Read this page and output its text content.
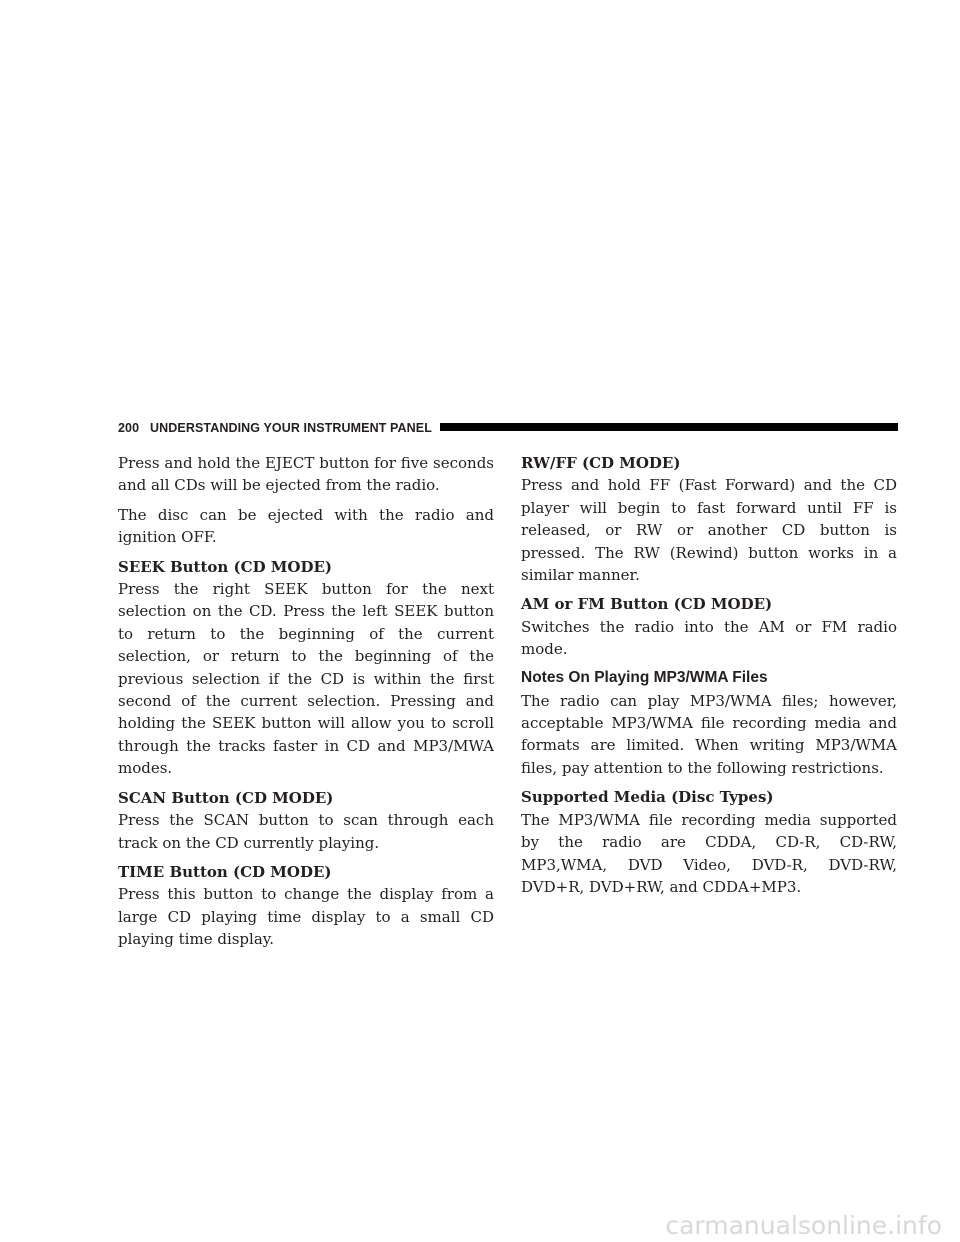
200 UNDERSTANDING YOUR INSTRUMENT PANEL

Press and hold the EJECT button for five seconds and all CDs will be ejected from the radio.

The disc can be ejected with the radio and ignition OFF.

SEEK Button (CD MODE)

Press the right SEEK button for the next selection on the CD. Press the left SEEK button to return to the beginning of the current selection, or return to the beginning of the previous selection if the CD is within the first second of the current selection. Pressing and holding the SEEK button will allow you to scroll through the tracks faster in CD and MP3/MWA modes.

SCAN Button (CD MODE)

Press the SCAN button to scan through each track on the CD currently playing.

TIME Button (CD MODE)

Press this button to change the display from a large CD playing time display to a small CD playing time display.

RW/FF (CD MODE)

Press and hold FF (Fast Forward) and the CD player will begin to fast forward until FF is released, or RW or another CD button is pressed. The RW (Rewind) button works in a similar manner.

AM or FM Button (CD MODE)

Switches the radio into the AM or FM radio mode.

Notes On Playing MP3/WMA Files

The radio can play MP3/WMA files; however, acceptable MP3/WMA file recording media and formats are limited. When writing MP3/WMA files, pay attention to the following restrictions.

Supported Media (Disc Types)

The MP3/WMA file recording media supported by the radio are CDDA, CD-R, CD-RW, MP3,WMA, DVD Video, DVD-R, DVD-RW, DVD+R, DVD+RW, and CDDA+MP3.

carmanualsonline.info
